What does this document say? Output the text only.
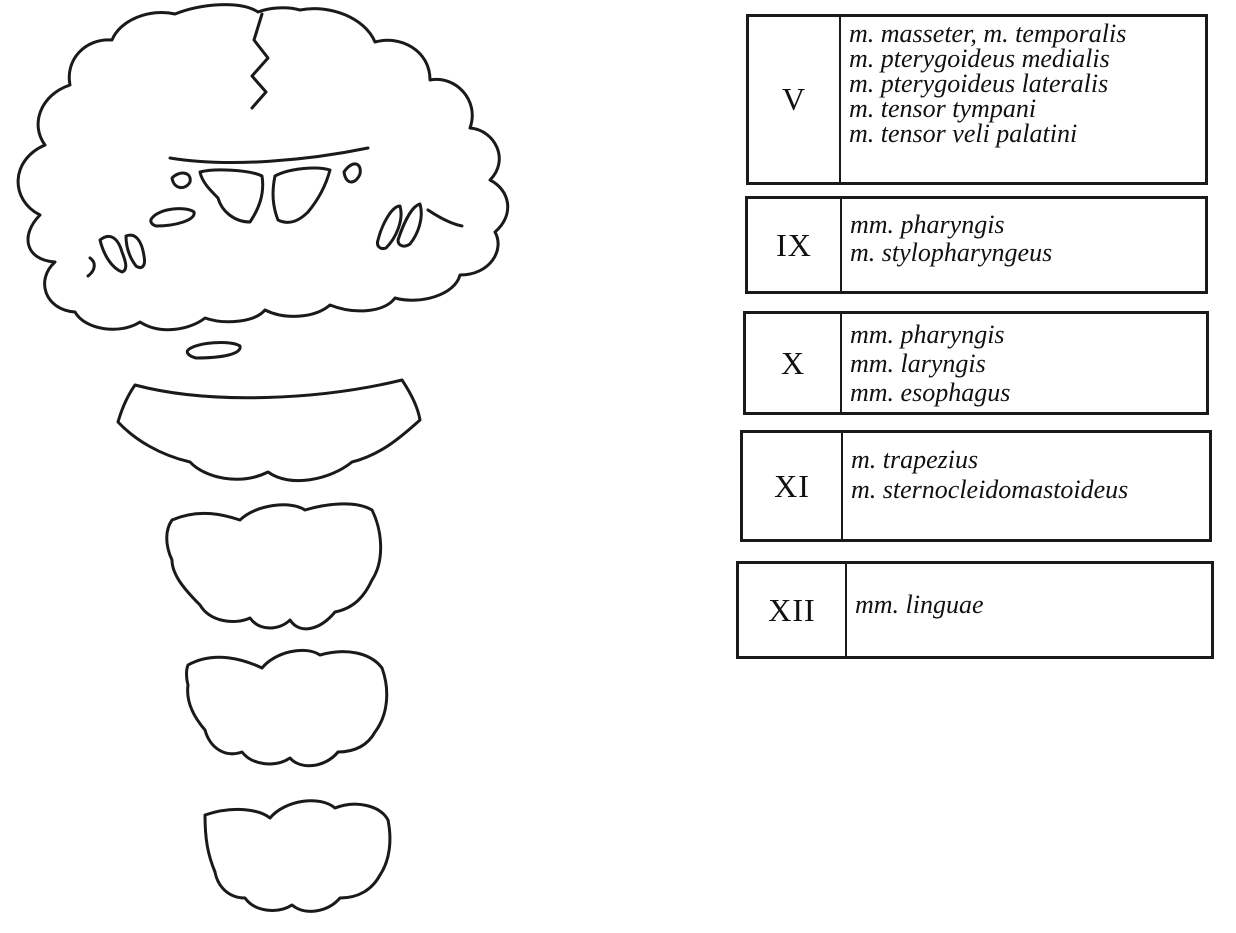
V
m. masseter, m. temporalis
m. pterygoideus medialis
m. pterygoideus lateralis
m. tensor tympani
m. tensor veli palatini
IX
mm. pharyngis
m. stylopharyngeus
X
mm. pharyngis
mm. laryngis
mm. esophagus
XI
m. trapezius
m. sternocleidomastoideus
XII	mm. linguae
